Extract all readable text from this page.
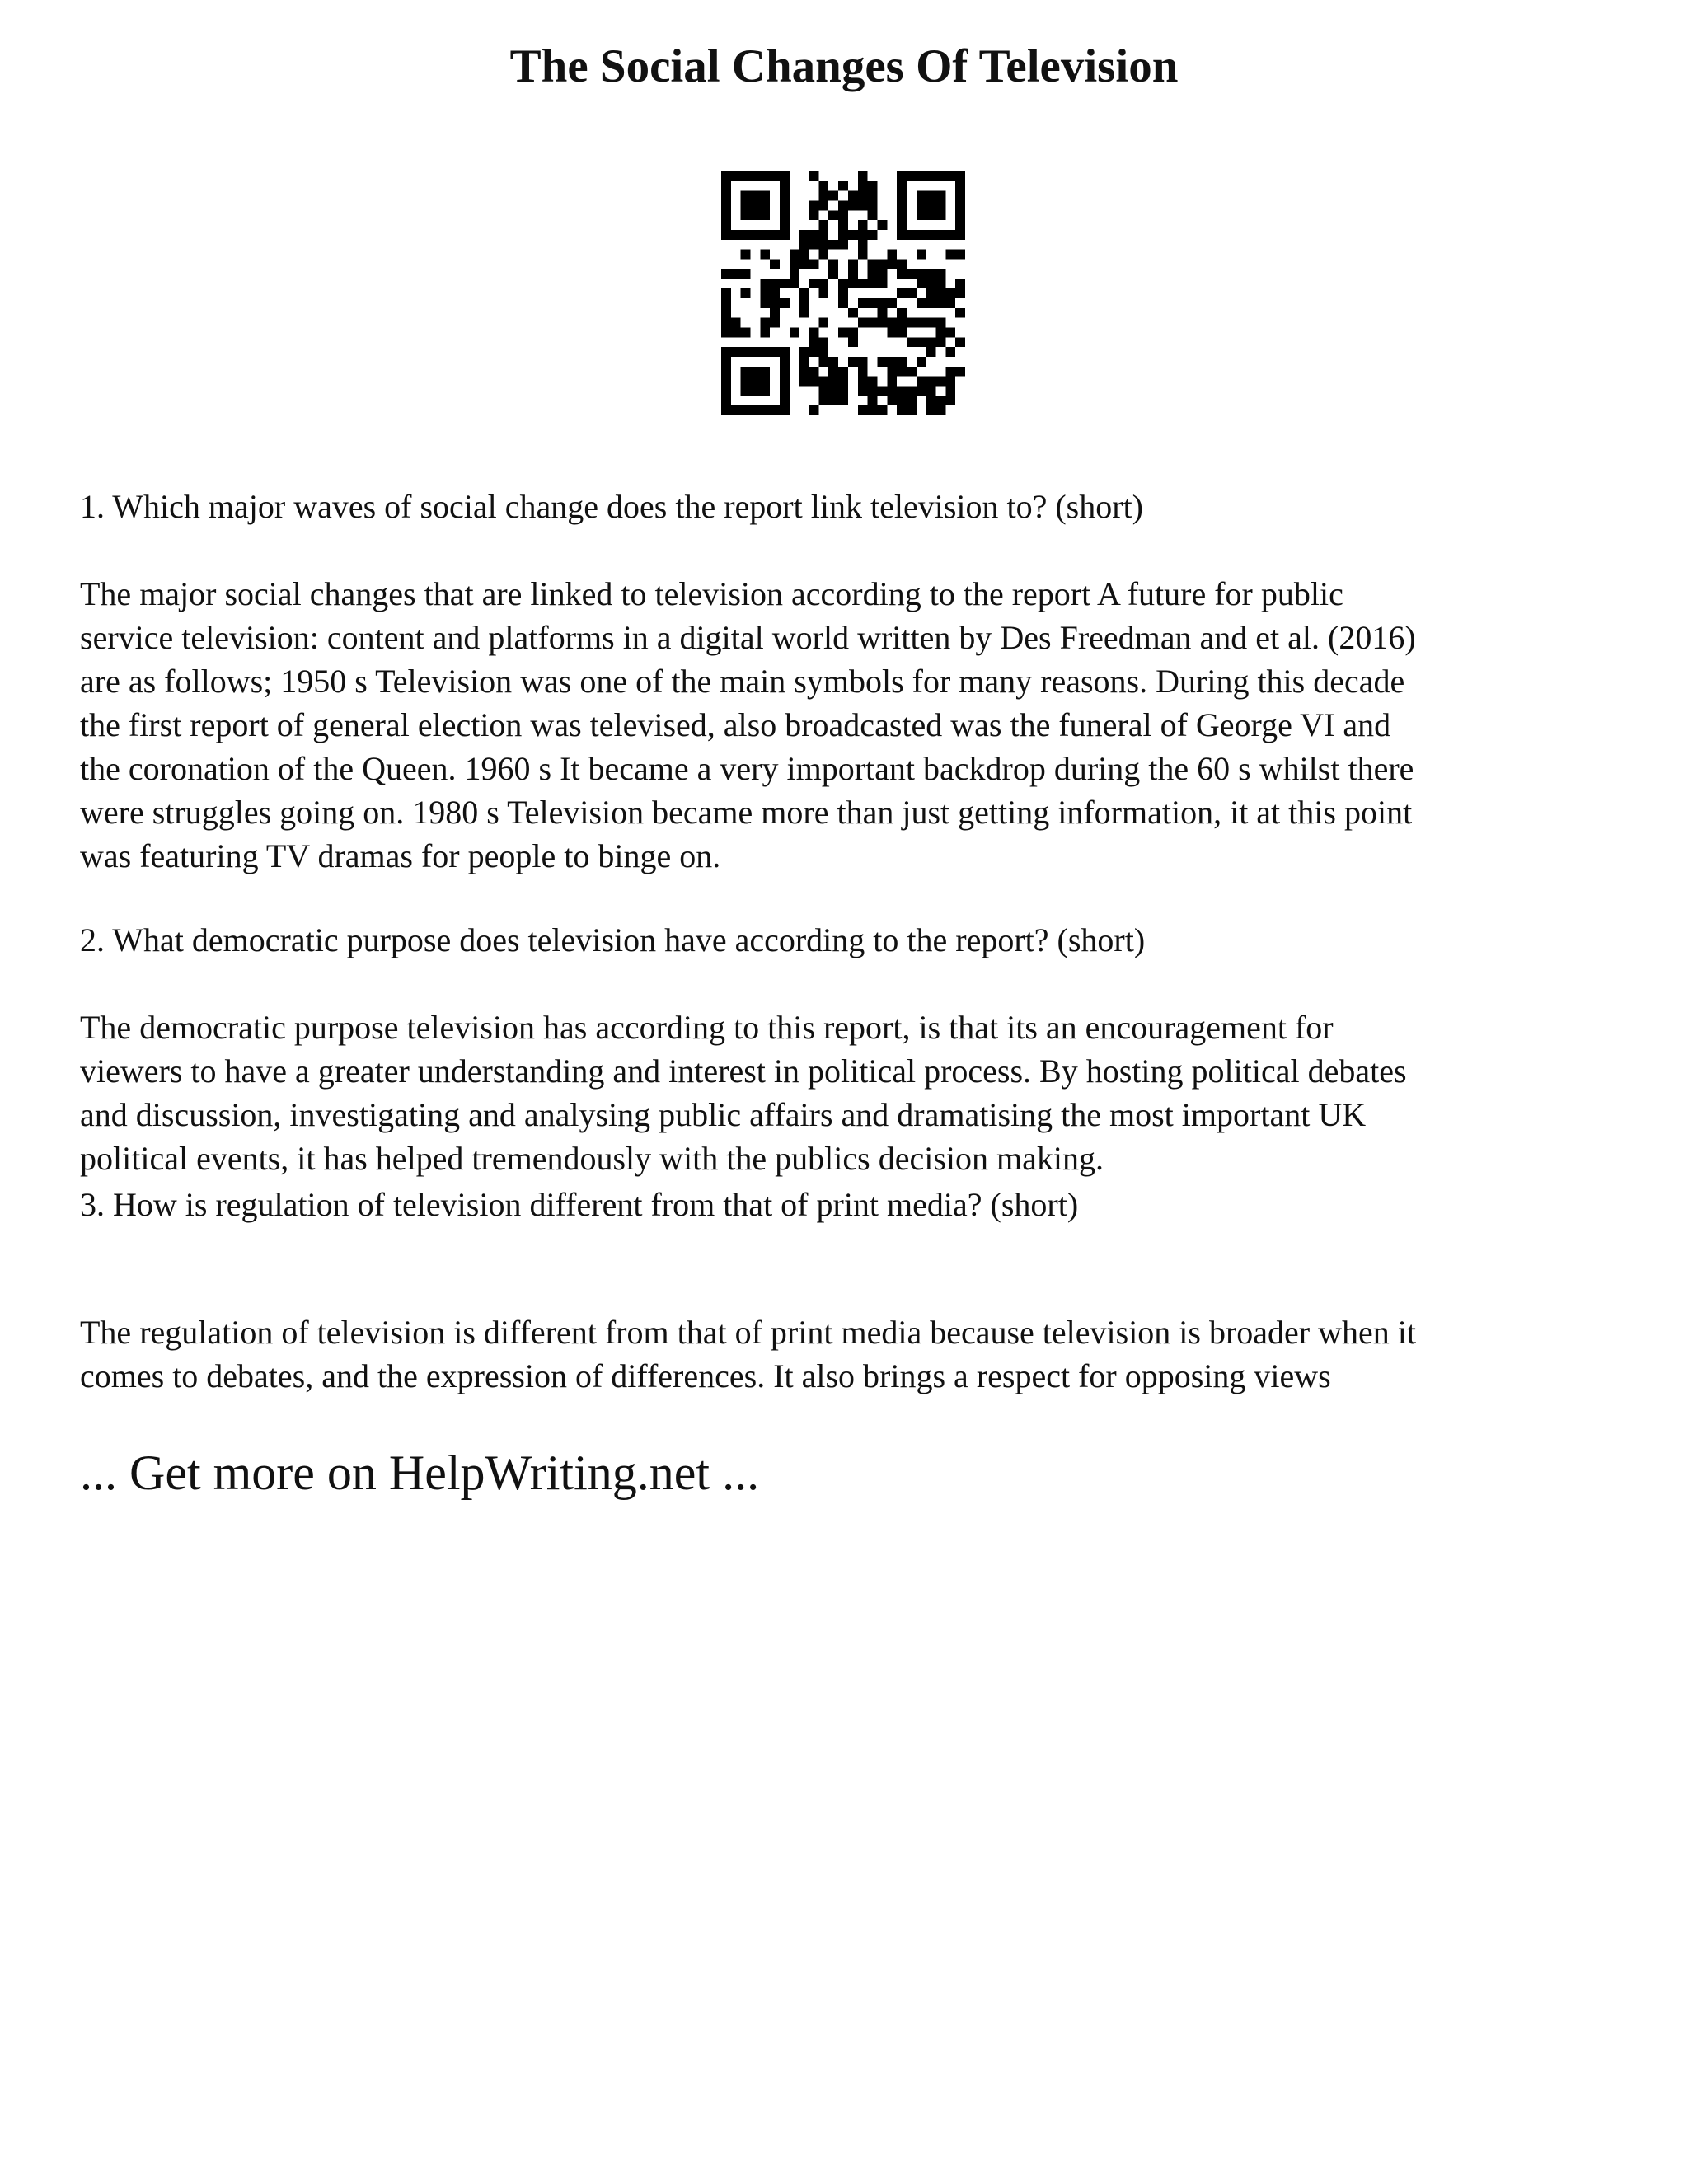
The Social Changes Of Television
1. Which major waves of social change does the report link television to? (short)
The major social changes that are linked to television according to the report A future for public
service television: content and platforms in a digital world written by Des Freedman and et al. (2016)
are as follows; 1950 s Television was one of the main symbols for many reasons. During this decade
the first report of general election was televised, also broadcasted was the funeral of George VI and
the coronation of the Queen. 1960 s It became a very important backdrop during the 60 s whilst there
were struggles going on. 1980 s Television became more than just getting information, it at this point
was featuring TV dramas for people to binge on.
2. What democratic purpose does television have according to the report? (short)
The democratic purpose television has according to this report, is that its an encouragement for
viewers to have a greater understanding and interest in political process. By hosting political debates
and discussion, investigating and analysing public affairs and dramatising the most important UK
political events, it has helped tremendously with the publics decision making.
3. How is regulation of television different from that of print media? (short)
The regulation of television is different from that of print media because television is broader when it
comes to debates, and the expression of differences. It also brings a respect for opposing views
... Get more on HelpWriting.net ...
